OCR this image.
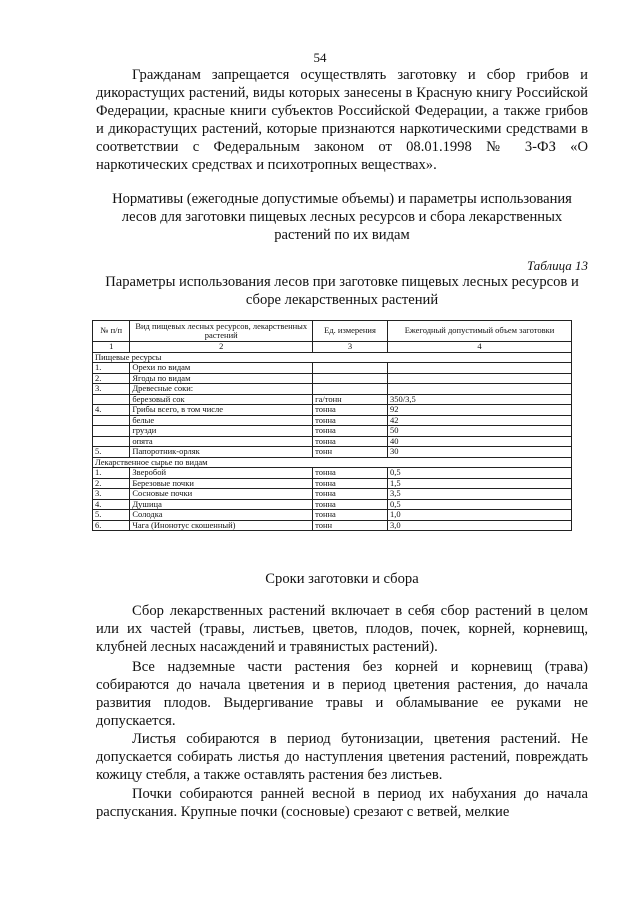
54

Гражданам запрещается осуществлять заготовку и сбор грибов и дикорастущих растений, виды которых занесены в Красную книгу Российской Федерации, красные книги субъектов Российской Федерации, а также грибов и дикорастущих растений, которые признаются наркотическими средствами в соответствии с Федеральным законом от 08.01.1998 № 3-ФЗ «О наркотических средствах и психотропных веществах».

Нормативы (ежегодные допустимые объемы) и параметры использования лесов для заготовки пищевых лесных ресурсов и сбора лекарственных растений по их видам

Таблица 13

Параметры использования лесов при заготовке пищевых лесных ресурсов и сборе лекарственных растений

№ п/п	Вид пищевых лесных ресурсов, лекарственных растений	Ед. измерения	Ежегодный допустимый объем заготовки
1	2	3	4
Пищевые ресурсы			
1.	Орехи по видам		
2.	Ягоды по видам		
3.	Древесные соки:		
	березовый сок	га/тонн	350/3,5
4.	Грибы всего, в том числе	тонна	92
	белые	тонна	42
	грузди	тонна	50
	опята	тонна	40
5.	Папоротник-орляк	тонн	30
Лекарственное сырье по видам			
1.	Зверобой	тонна	0,5
2.	Березовые почки	тонна	1,5
3.	Сосновые почки	тонна	3,5
4.	Душица	тонна	0,5
5.	Солодка	тонна	1,0
6.	Чага (Инонотус скошенный)	тонн	3,0

Сроки заготовки и сбора

Сбор лекарственных растений включает в себя сбор растений в целом или их частей (травы, листьев, цветов, плодов, почек, корней, корневищ, клубней лесных насаждений и травянистых растений).

Все надземные части растения без корней и корневищ (трава) собираются до начала цветения и в период цветения растения, до начала развития плодов. Выдергивание травы и обламывание ее руками не допускается.

Листья собираются в период бутонизации, цветения растений. Не допускается собирать листья до наступления цветения растений, повреждать кожицу стебля, а также оставлять растения без листьев.

Почки собираются ранней весной в период их набухания до начала распускания. Крупные почки (сосновые) срезают с ветвей, мелкие
